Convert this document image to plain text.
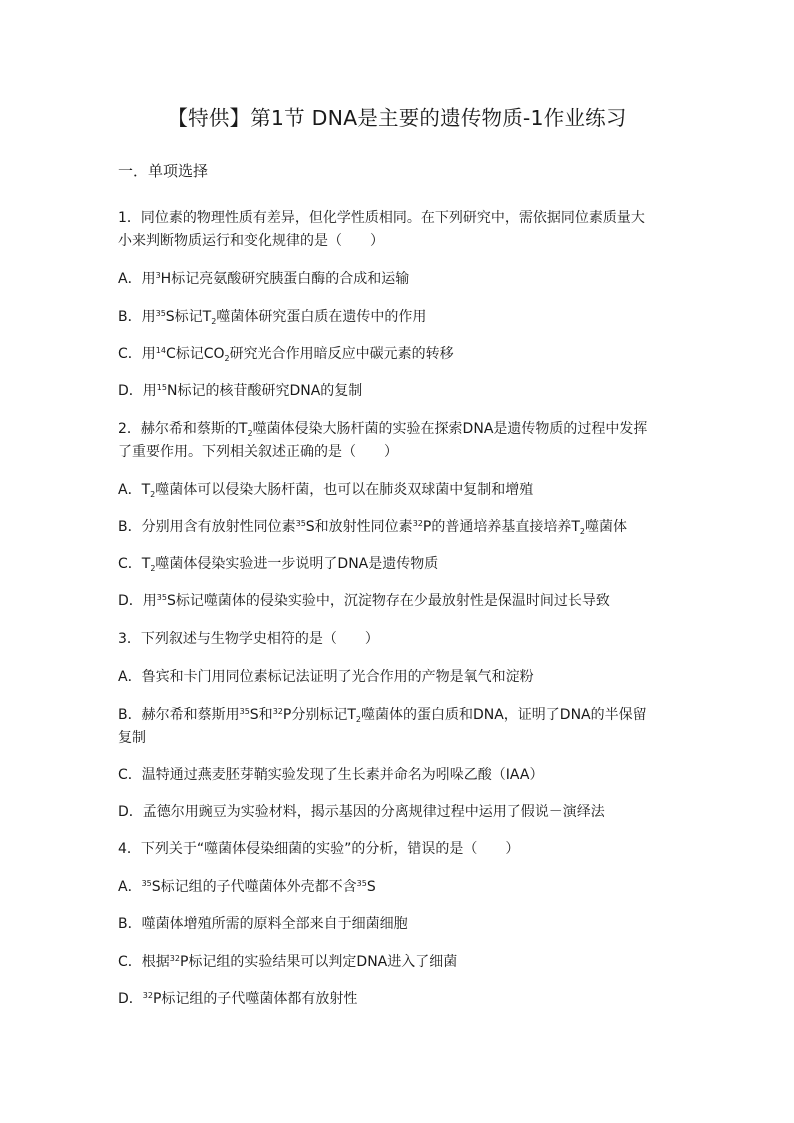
【特供】第1节 DNA是主要的遗传物质-1作业练习
一．单项选择
1．同位素的物理性质有差异，但化学性质相同。在下列研究中，需依据同位素质量大
小来判断物质运行和变化规律的是（　　）
A．用$^3$H标记亮氨酸研究胰蛋白酶的合成和运输
B．用$^{35}$S标记$T_2$噬菌体研究蛋白质在遗传中的作用
C．用$^{14}$C标记$CO_2$研究光合作用暗反应中碳元素的转移
D．用$^{15}$N标记的核苷酸研究DNA的复制
2．赫尔希和蔡斯的$T_2$噬菌体侵染大肠杆菌的实验在探索DNA是遗传物质的过程中发挥
了重要作用。下列相关叙述正确的是（　　）
A．$T_2$噬菌体可以侵染大肠杆菌，也可以在肺炎双球菌中复制和增殖
B．分别用含有放射性同位素$^{35}$S和放射性同位素$^{32}$P的普通培养基直接培养$T_2$噬菌体
C．$T_2$噬菌体侵染实验进一步说明了DNA是遗传物质
D．用$^{35}$S标记噬菌体的侵染实验中，沉淀物存在少最放射性是保温时间过长导致
3．下列叙述与生物学史相符的是（　　）
A．鲁宾和卡门用同位素标记法证明了光合作用的产物是氧气和淀粉
B．赫尔希和蔡斯用$^{35}$S和$^{32}$P分别标记$T_2$噬菌体的蛋白质和DNA，证明了DNA的半保留
复制
C．温特通过燕麦胚芽鞘实验发现了生长素并命名为吲哚乙酸（IAA）
D．孟德尔用豌豆为实验材料，揭示基因的分离规律过程中运用了假说－演绎法
4．下列关于“噬菌体侵染细菌的实验”的分析，错误的是（　　）
A．$^{35}$S标记组的子代噬菌体外壳都不含$^{35}$S
B．噬菌体增殖所需的原料全部来自于细菌细胞
C．根据$^{32}$P标记组的实验结果可以判定DNA进入了细菌
D．$^{32}$P标记组的子代噬菌体都有放射性
